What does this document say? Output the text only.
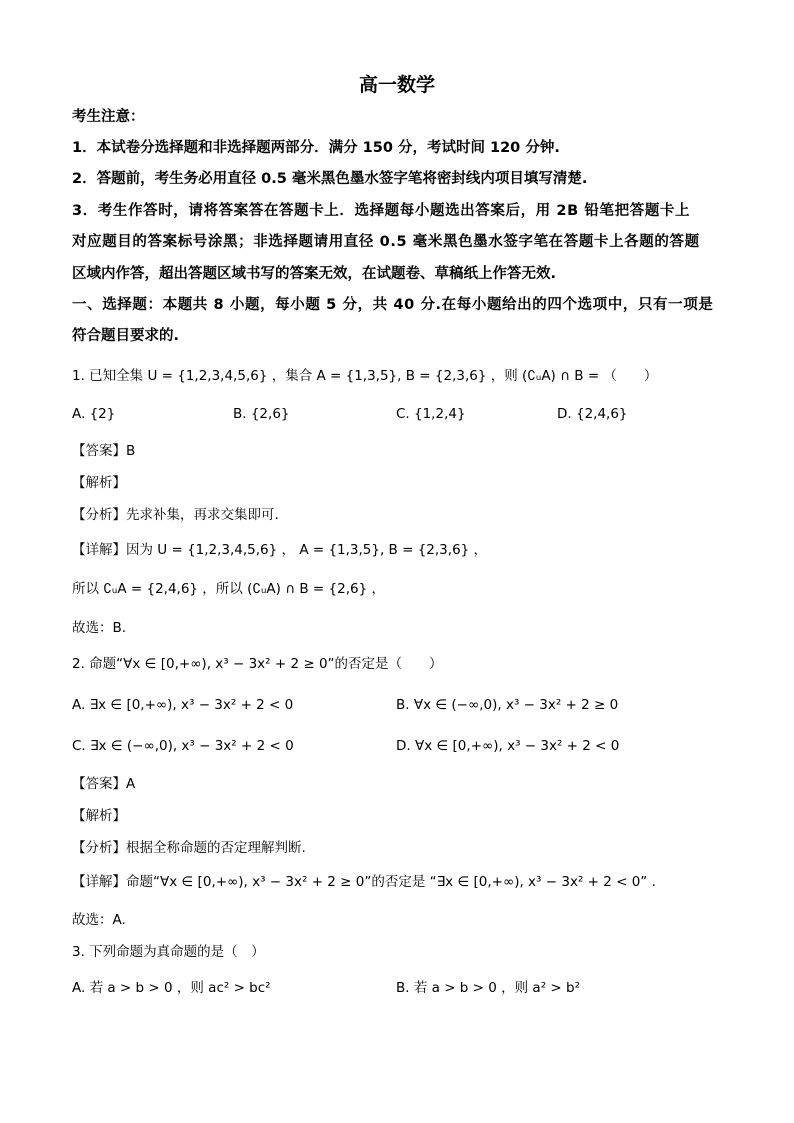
高一数学
考生注意：
1．本试卷分选择题和非选择题两部分．满分 150 分，考试时间 120 分钟.
2．答题前，考生务必用直径 0.5 毫米黑色墨水签字笔将密封线内项目填写清楚.
3．考生作答时，请将答案答在答题卡上．选择题每小题选出答案后，用 2B 铅笔把答题卡上
对应题目的答案标号涂黑；非选择题请用直径 0.5 毫米黑色墨水签字笔在答题卡上各题的答题
区域内作答，超出答题区域书写的答案无效，在试题卷、草稿纸上作答无效.
一、选择题：本题共 8 小题，每小题 5 分，共 40 分.在每小题给出的四个选项中，只有一项是
符合题目要求的.
1. 已知全集 U = {1,2,3,4,5,6} ，集合 A = {1,3,5}, B = {2,3,6} ，则 (∁ᵤA) ∩ B = （　　）
A. {2}	B. {2,6}	C. {1,2,4}	D. {2,4,6}
【答案】B
【解析】
【分析】先求补集，再求交集即可.
【详解】因为 U = {1,2,3,4,5,6} ， A = {1,3,5}, B = {2,3,6} ，
所以 ∁ᵤA = {2,4,6} ，所以 (∁ᵤA) ∩ B = {2,6} ，
故选：B.
2. 命题“∀x ∈ [0,+∞), x³ − 3x² + 2 ≥ 0”的否定是（　　）
A. ∃x ∈ [0,+∞), x³ − 3x² + 2 < 0	B. ∀x ∈ (−∞,0), x³ − 3x² + 2 ≥ 0
C. ∃x ∈ (−∞,0), x³ − 3x² + 2 < 0	D. ∀x ∈ [0,+∞), x³ − 3x² + 2 < 0
【答案】A
【解析】
【分析】根据全称命题的否定理解判断.
【详解】命题“∀x ∈ [0,+∞), x³ − 3x² + 2 ≥ 0”的否定是 “∃x ∈ [0,+∞), x³ − 3x² + 2 < 0” .
故选：A.
3. 下列命题为真命题的是（　）
A. 若 a > b > 0 ，则 ac² > bc²	B. 若 a > b > 0 ，则 a² > b²
